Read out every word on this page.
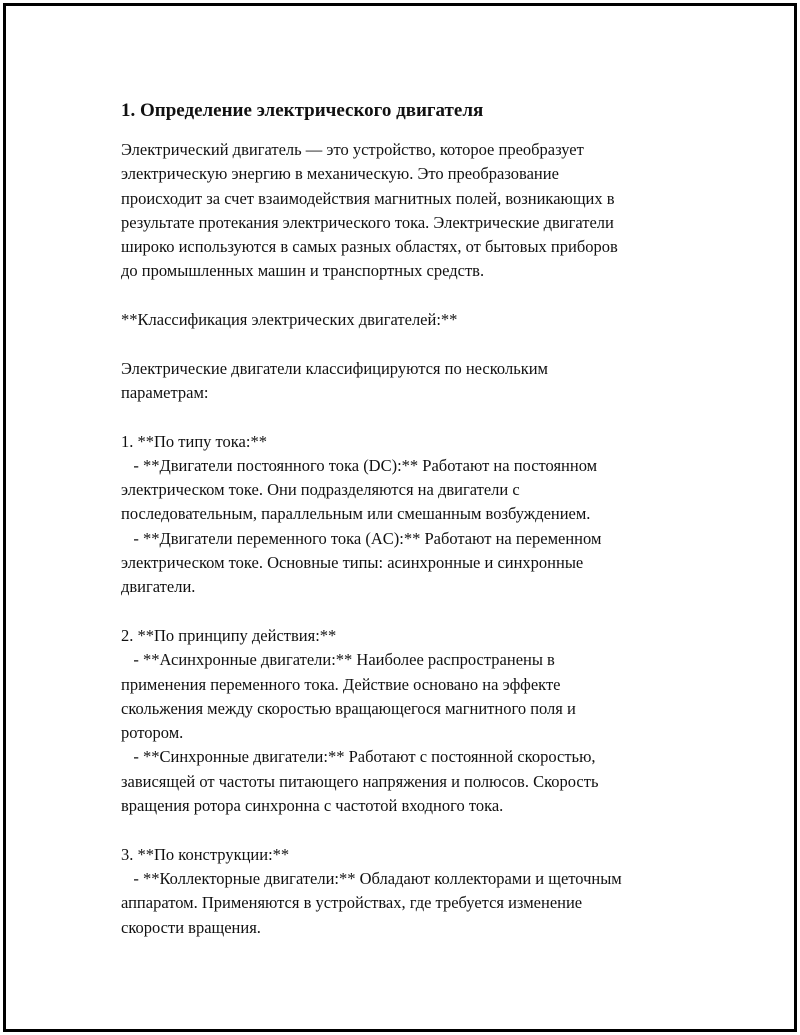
1. Определение электрического двигателя

Электрический двигатель — это устройство, которое преобразует
электрическую энергию в механическую. Это преобразование
происходит за счет взаимодействия магнитных полей, возникающих в
результате протекания электрического тока. Электрические двигатели
широко используются в самых разных областях, от бытовых приборов
до промышленных машин и транспортных средств.

**Классификация электрических двигателей:**

Электрические двигатели классифицируются по нескольким
параметрам:

1. **По типу тока:**
- **Двигатели постоянного тока (DC):** Работают на постоянном
электрическом токе. Они подразделяются на двигатели с
последовательным, параллельным или смешанным возбуждением.
- **Двигатели переменного тока (AC):** Работают на переменном
электрическом токе. Основные типы: асинхронные и синхронные
двигатели.

2. **По принципу действия:**
- **Асинхронные двигатели:** Наиболее распространены в
применения переменного тока. Действие основано на эффекте
скольжения между скоростью вращающегося магнитного поля и
ротором.
- **Синхронные двигатели:** Работают с постоянной скоростью,
зависящей от частоты питающего напряжения и полюсов. Скорость
вращения ротора синхронна с частотой входного тока.

3. **По конструкции:**
- **Коллекторные двигатели:** Обладают коллекторами и щеточным
аппаратом. Применяются в устройствах, где требуется изменение
скорости вращения.
